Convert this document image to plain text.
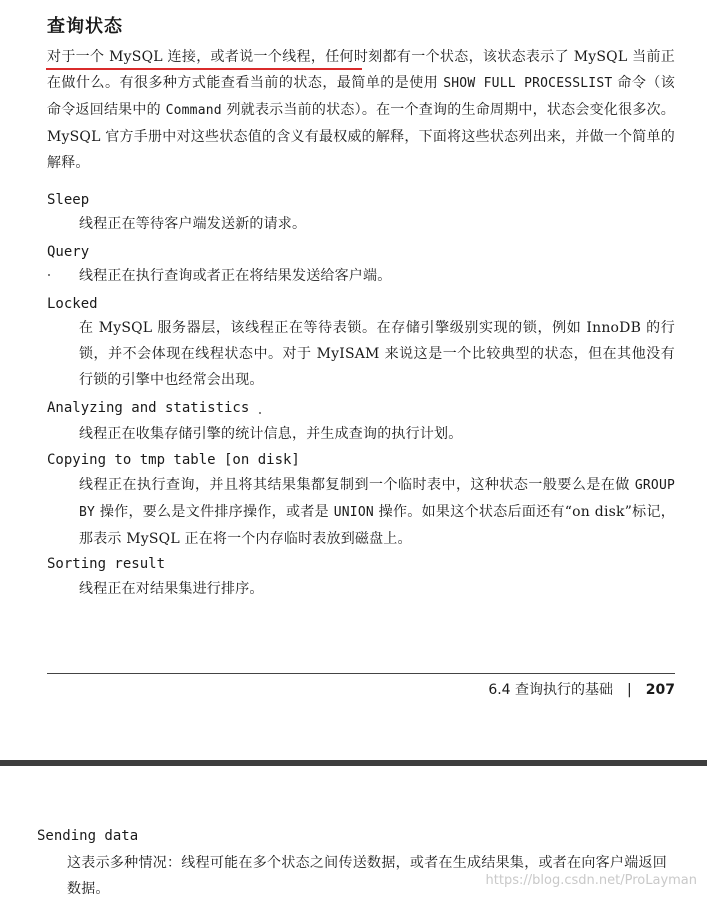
查询状态
对于一个 MySQL 连接，或者说一个线程，任何时刻都有一个状态，该状态表示了 MySQL 当前正在做什么。有很多种方式能查看当前的状态，最简单的是使用 SHOW FULL PROCESSLIST 命令（该命令返回结果中的 Command 列就表示当前的状态）。在一个查询的生命周期中，状态会变化很多次。MySQL 官方手册中对这些状态值的含义有最权威的解释，下面将这些状态列出来，并做一个简单的解释。
Sleep
线程正在等待客户端发送新的请求。
Query
线程正在执行查询或者正在将结果发送给客户端。
Locked
在 MySQL 服务器层，该线程正在等待表锁。在存储引擎级别实现的锁，例如 InnoDB 的行锁，并不会体现在线程状态中。对于 MyISAM 来说这是一个比较典型的状态，但在其他没有行锁的引擎中也经常会出现。
Analyzing and statistics
线程正在收集存储引擎的统计信息，并生成查询的执行计划。
Copying to tmp table [on disk]
线程正在执行查询，并且将其结果集都复制到一个临时表中，这种状态一般要么是在做 GROUP BY 操作，要么是文件排序操作，或者是 UNION 操作。如果这个状态后面还有“on disk”标记，那表示 MySQL 正在将一个内存临时表放到磁盘上。
Sorting result
线程正在对结果集进行排序。
6.4 查询执行的基础 | 207
Sending data
这表示多种情况：线程可能在多个状态之间传送数据，或者在生成结果集，或者在向客户端返回数据。
https://blog.csdn.net/ProLayman
